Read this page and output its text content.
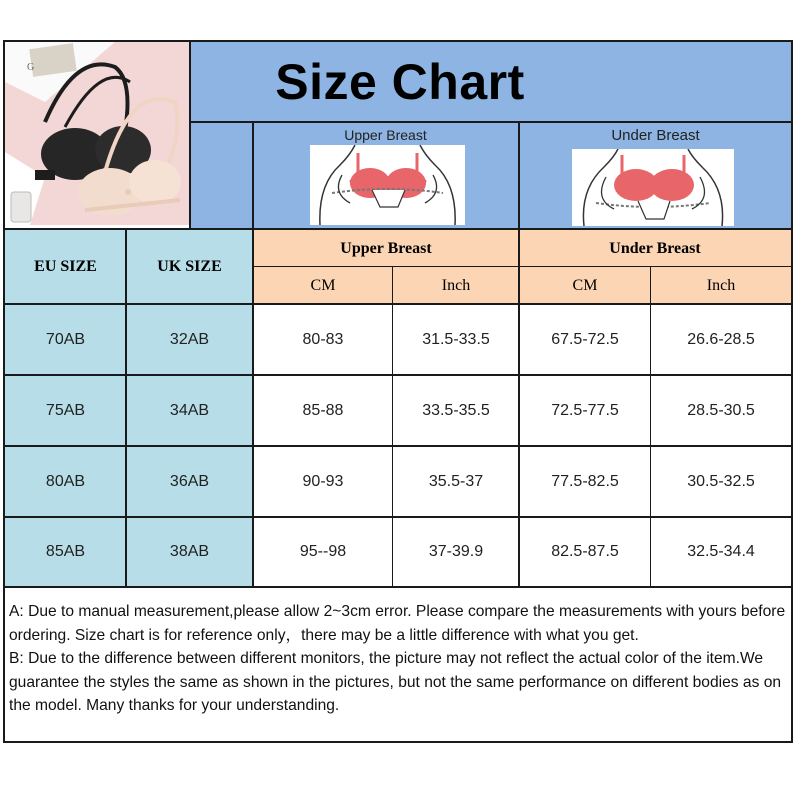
G	Size Chart
Upper Breast	Under Breast
EU SIZE	UK SIZE
Upper Breast	Under Breast
CM	Inch	CM	Inch
70AB	32AB	80-83	31.5-33.5	67.5-72.5	26.6-28.5
75AB	34AB	85-88	33.5-35.5	72.5-77.5	28.5-30.5
80AB	36AB	90-93	35.5-37	77.5-82.5	30.5-32.5
85AB	38AB	95--98	37-39.9	82.5-87.5	32.5-34.4

A: Due to manual measurement,please allow 2~3cm error. Please compare the measurements with yours before ordering. Size chart is for reference only，there may be a little difference with what you get.

B: Due to the difference between different monitors, the picture may not reflect the actual color of the item.We guarantee the styles the same as shown in the pictures, but not the same performance on different bodies as on the model. Many thanks for your understanding.
